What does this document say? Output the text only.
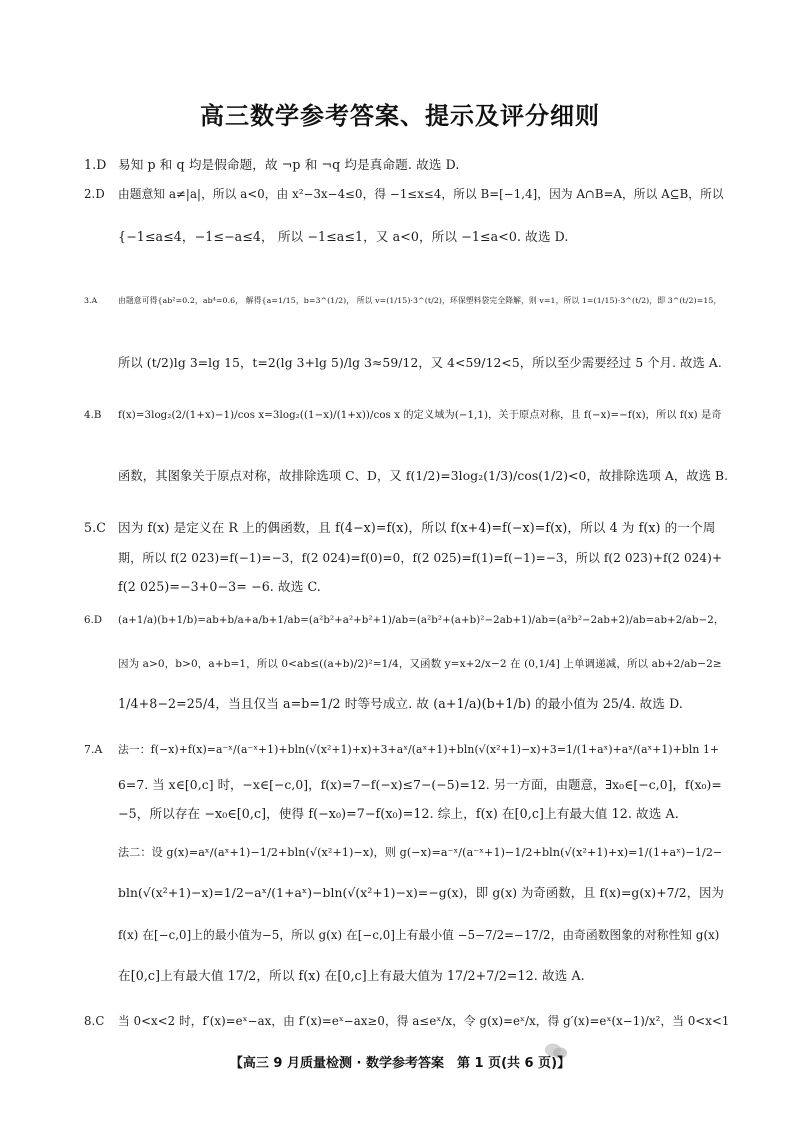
高三数学参考答案、提示及评分细则
1.D 易知 p 和 q 均是假命题，故 ¬p 和 ¬q 均是真命题. 故选 D.
2.D 由题意知 a≠|a|，所以 a<0，由 x²−3x−4≤0，得 −1≤x≤4，所以 B=[−1,4]，因为 A∩B=A，所以 A⊆B，所以
{−1≤a≤4，−1≤−a≤4， 所以 −1≤a≤1，又 a<0，所以 −1≤a<0. 故选 D.
3.A	由题意可得{ab²=0.2，ab⁴=0.6， 解得{a=1/15，b=3^(1/2)， 所以 v=(1/15)·3^(t/2)，环保塑料袋完全降解，则 v=1，所以 1=(1/15)·3^(t/2)，即 3^(t/2)=15，
所以 (t/2)lg 3=lg 15，t=2(lg 3+lg 5)/lg 3≈59/12，又 4<59/12<5，所以至少需要经过 5 个月. 故选 A.
4.B f(x)=3log₂(2/(1+x)−1)/cos x=3log₂((1−x)/(1+x))/cos x 的定义域为(−1,1)，关于原点对称，且 f(−x)=−f(x)，所以 f(x) 是奇
函数，其图象关于原点对称，故排除选项 C、D，又 f(1/2)=3log₂(1/3)/cos(1/2)<0，故排除选项 A，故选 B.
5.C 因为 f(x) 是定义在 R 上的偶函数，且 f(4−x)=f(x)，所以 f(x+4)=f(−x)=f(x)，所以 4 为 f(x) 的一个周
期，所以 f(2 023)=f(−1)=−3，f(2 024)=f(0)=0，f(2 025)=f(1)=f(−1)=−3，所以 f(2 023)+f(2 024)+
f(2 025)=−3+0−3= −6. 故选 C.
6.D (a+1/a)(b+1/b)=ab+b/a+a/b+1/ab=(a²b²+a²+b²+1)/ab=(a²b²+(a+b)²−2ab+1)/ab=(a²b²−2ab+2)/ab=ab+2/ab−2，
因为 a>0，b>0，a+b=1，所以 0<ab≤((a+b)/2)²=1/4，又函数 y=x+2/x−2 在 (0,1/4] 上单调递减，所以 ab+2/ab−2≥
1/4+8−2=25/4，当且仅当 a=b=1/2 时等号成立. 故 (a+1/a)(b+1/b) 的最小值为 25/4. 故选 D.
7.A 法一：f(−x)+f(x)=a⁻ˣ/(a⁻ˣ+1)+bln(√(x²+1)+x)+3+aˣ/(aˣ+1)+bln(√(x²+1)−x)+3=1/(1+aˣ)+aˣ/(aˣ+1)+bln 1+
6=7. 当 x∈[0,c] 时，−x∈[−c,0]，f(x)=7−f(−x)≤7−(−5)=12. 另一方面，由题意，∃x₀∈[−c,0]，f(x₀)=
−5，所以存在 −x₀∈[0,c]，使得 f(−x₀)=7−f(x₀)=12. 综上，f(x) 在[0,c]上有最大值 12. 故选 A.
法二：设 g(x)=aˣ/(aˣ+1)−1/2+bln(√(x²+1)−x)，则 g(−x)=a⁻ˣ/(a⁻ˣ+1)−1/2+bln(√(x²+1)+x)=1/(1+aˣ)−1/2−
bln(√(x²+1)−x)=1/2−aˣ/(1+aˣ)−bln(√(x²+1)−x)=−g(x)，即 g(x) 为奇函数，且 f(x)=g(x)+7/2，因为
f(x) 在[−c,0]上的最小值为−5，所以 g(x) 在[−c,0]上有最小值 −5−7/2=−17/2，由奇函数图象的对称性知 g(x)
在[0,c]上有最大值 17/2，所以 f(x) 在[0,c]上有最大值为 17/2+7/2=12. 故选 A.
8.C 当 0<x<2 时，f′(x)=eˣ−ax，由 f′(x)=eˣ−ax≥0，得 a≤eˣ/x，令 g(x)=eˣ/x，得 g′(x)=eˣ(x−1)/x²，当 0<x<1
【高三 9 月质量检测 · 数学参考答案　第 1 页(共 6 页)】
